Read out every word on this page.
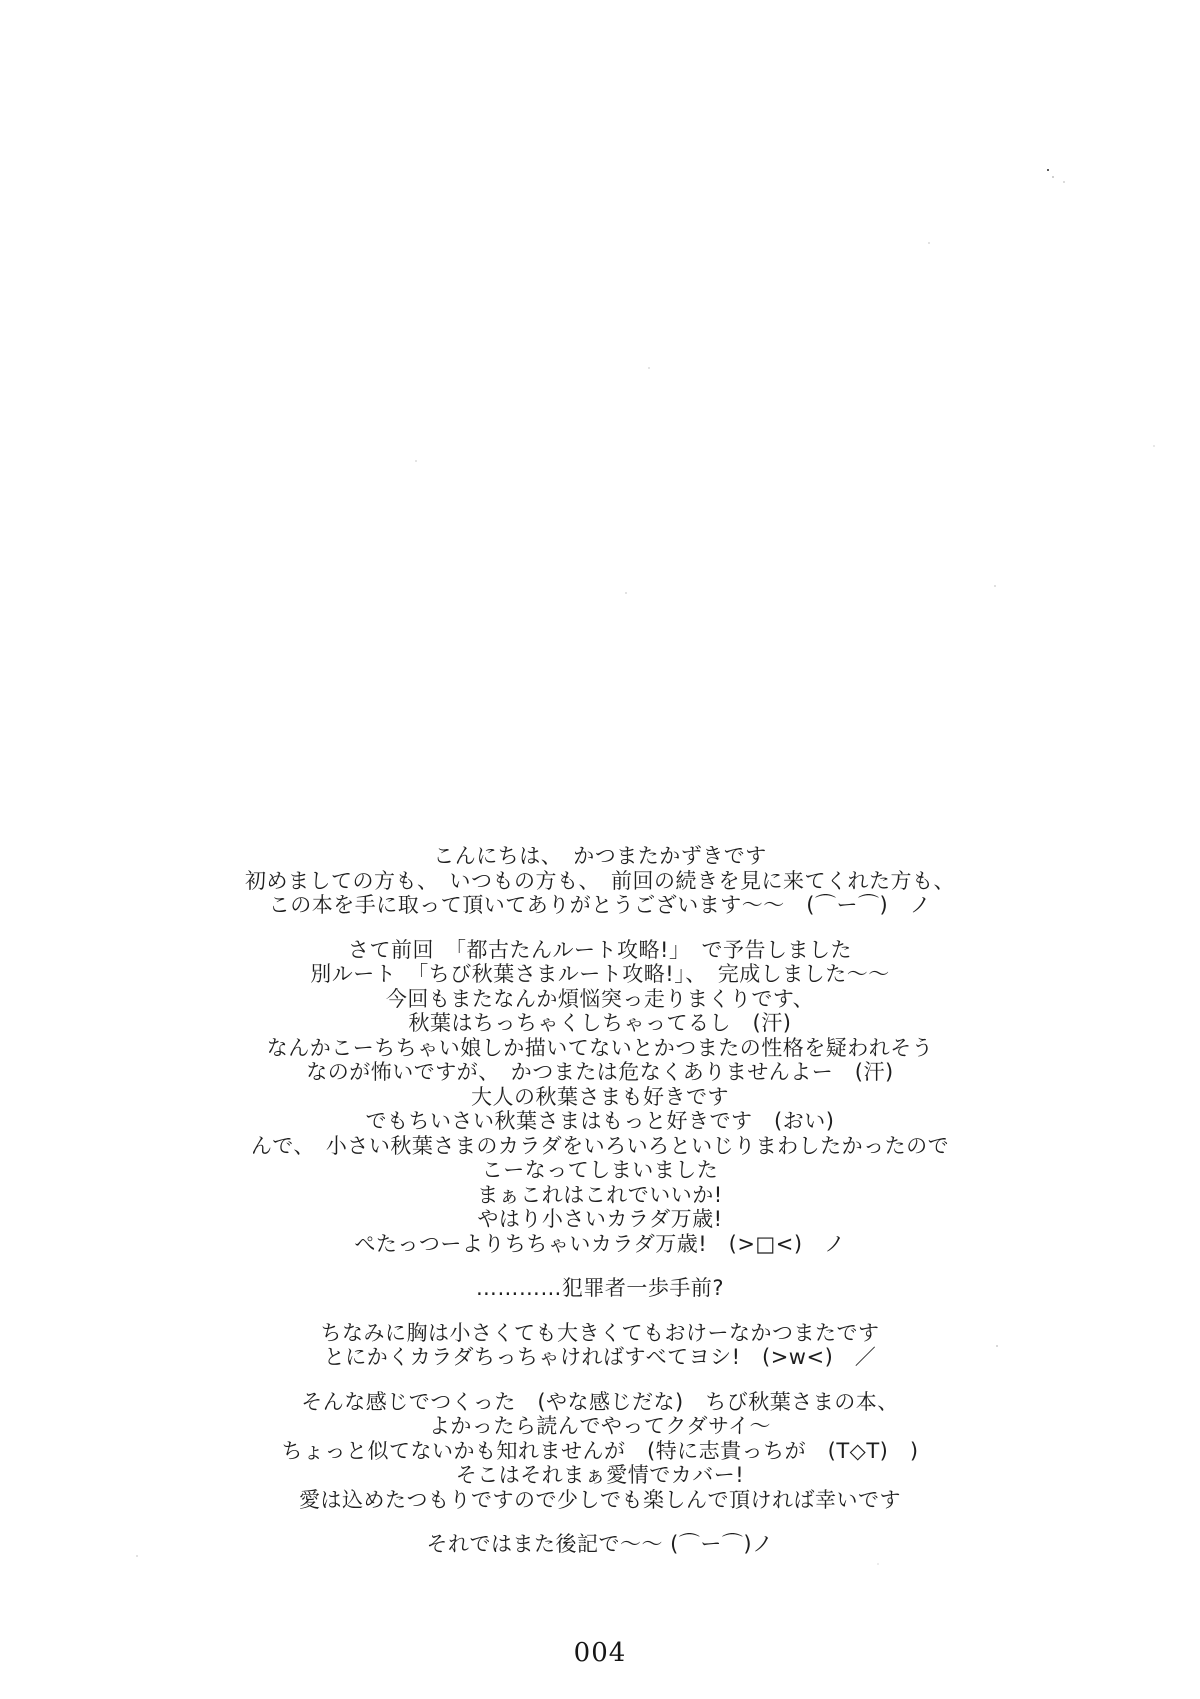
こんにちは、　かつまたかずきです
初めましての方も、　いつもの方も、　前回の続きを見に来てくれた方も、
この本を手に取って頂いてありがとうございます～～　(⌒ー⌒)　ノ

さて前回　「都古たんルート攻略!」　で予告しました
別ルート　「ちび秋葉さまルート攻略!」、　完成しました～～
今回もまたなんか煩悩突っ走りまくりです、
秋葉はちっちゃくしちゃってるし　(汗)
なんかこーちちゃい娘しか描いてないとかつまたの性格を疑われそう
なのが怖いですが、　かつまたは危なくありませんよー　(汗)
大人の秋葉さまも好きです
でもちいさい秋葉さまはもっと好きです　(おい)
んで、　小さい秋葉さまのカラダをいろいろといじりまわしたかったので
こーなってしまいました
まぁこれはこれでいいか!
やはり小さいカラダ万歳!
ぺたっつーよりちちゃいカラダ万歳!　(>□<)　ノ

…………犯罪者一歩手前?

ちなみに胸は小さくても大きくてもおけーなかつまたです
とにかくカラダちっちゃければすべてヨシ!　(>w<)　／

そんな感じでつくった　(やな感じだな)　ちび秋葉さまの本、
よかったら読んでやってクダサイ～
ちょっと似てないかも知れませんが　(特に志貴っちが　(T◇T)　)
そこはそれまぁ愛情でカバー!
愛は込めたつもりですので少しでも楽しんで頂ければ幸いです

それではまた後記で～～ (⌒ー⌒)ノ

004
